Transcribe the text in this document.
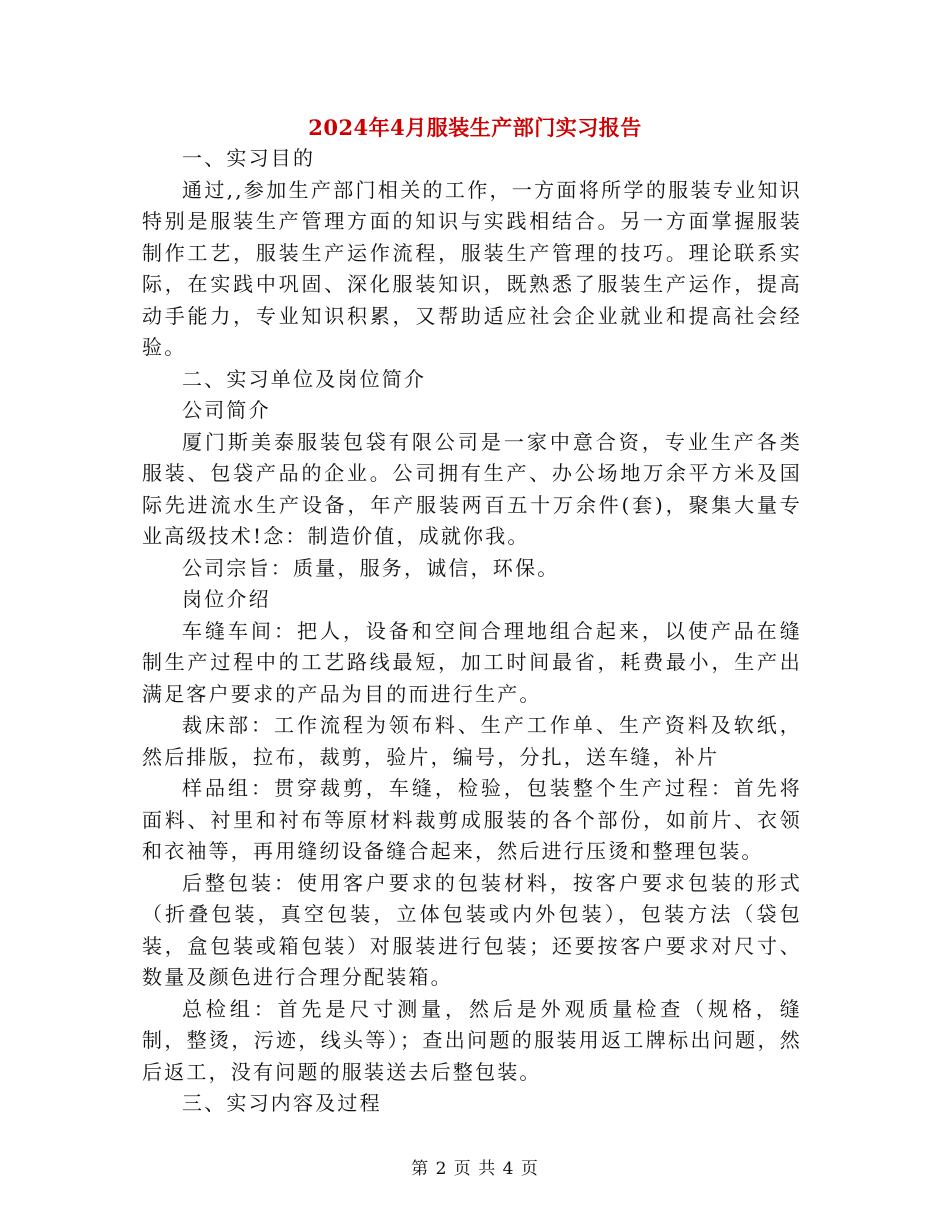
2024年4月服装生产部门实习报告

一、实习目的

通过,,参加生产部门相关的工作，一方面将所学的服装专业知识特别是服装生产管理方面的知识与实践相结合。另一方面掌握服装制作工艺，服装生产运作流程，服装生产管理的技巧。理论联系实际，在实践中巩固、深化服装知识，既熟悉了服装生产运作，提高动手能力，专业知识积累，又帮助适应社会企业就业和提高社会经验。

二、实习单位及岗位简介

公司简介

厦门斯美泰服装包袋有限公司是一家中意合资，专业生产各类服装、包袋产品的企业。公司拥有生产、办公场地万余平方米及国际先进流水生产设备，年产服装两百五十万余件(套)，聚集大量专业高级技术!念：制造价值，成就你我。

公司宗旨：质量，服务，诚信，环保。

岗位介绍

车缝车间：把人，设备和空间合理地组合起来，以使产品在缝制生产过程中的工艺路线最短，加工时间最省，耗费最小，生产出满足客户要求的产品为目的而进行生产。

裁床部：工作流程为领布料、生产工作单、生产资料及软纸，然后排版，拉布，裁剪，验片，编号，分扎，送车缝，补片

样品组：贯穿裁剪，车缝，检验，包装整个生产过程：首先将面料、衬里和衬布等原材料裁剪成服装的各个部份，如前片、衣领和衣袖等，再用缝纫设备缝合起来，然后进行压烫和整理包装。

后整包装：使用客户要求的包装材料，按客户要求包装的形式（折叠包装，真空包装，立体包装或内外包装），包装方法（袋包装，盒包装或箱包装）对服装进行包装；还要按客户要求对尺寸、数量及颜色进行合理分配装箱。

总检组：首先是尺寸测量，然后是外观质量检查（规格，缝制，整烫，污迹，线头等）；查出问题的服装用返工牌标出问题，然后返工，没有问题的服装送去后整包装。

三、实习内容及过程

第 2 页 共 4 页
